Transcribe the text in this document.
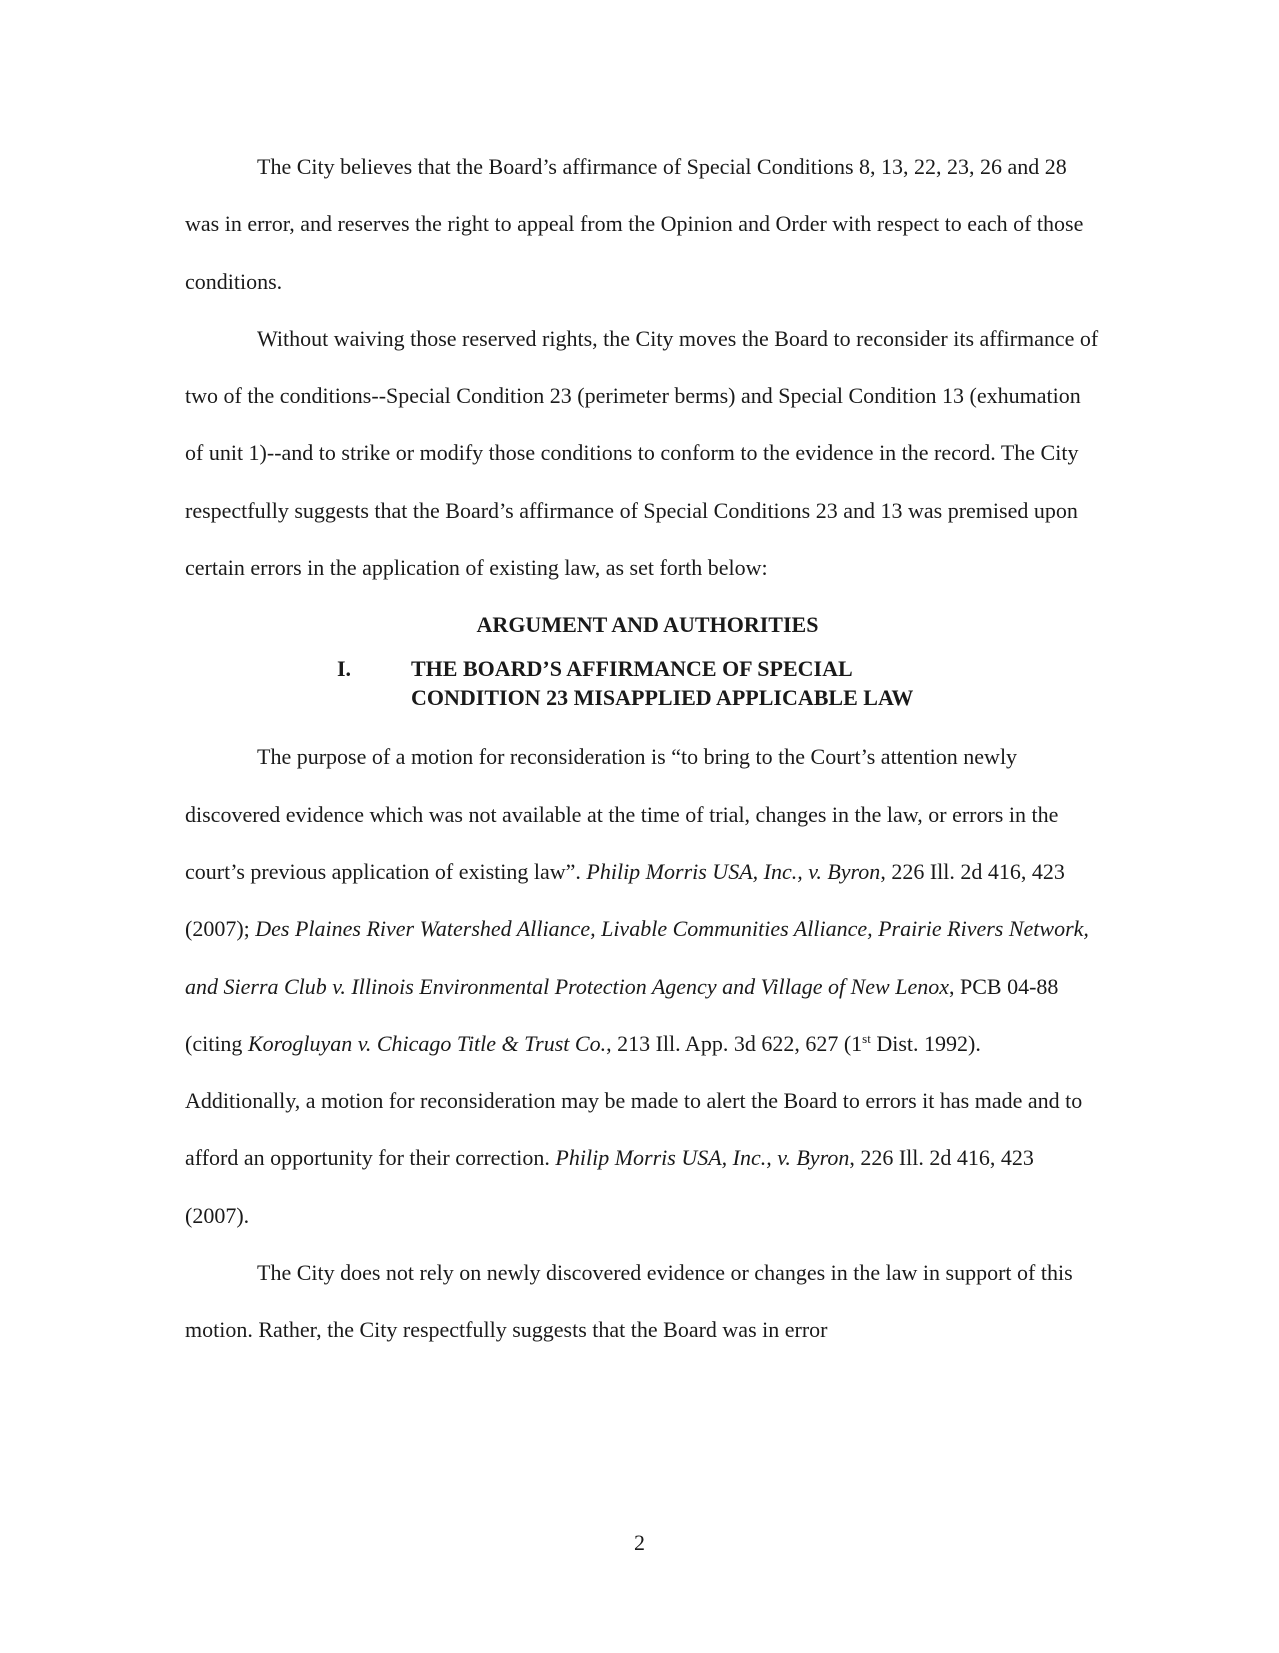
The City believes that the Board’s affirmance of Special Conditions 8, 13, 22, 23, 26 and 28 was in error, and reserves the right to appeal from the Opinion and Order with respect to each of those conditions.

Without waiving those reserved rights, the City moves the Board to reconsider its affirmance of two of the conditions--Special Condition 23 (perimeter berms) and Special Condition 13 (exhumation of unit 1)--and to strike or modify those conditions to conform to the evidence in the record. The City respectfully suggests that the Board’s affirmance of Special Conditions 23 and 13 was premised upon certain errors in the application of existing law, as set forth below:

ARGUMENT AND AUTHORITIES

I.	THE BOARD’S AFFIRMANCE OF SPECIAL
CONDITION 23 MISAPPLIED APPLICABLE LAW

The purpose of a motion for reconsideration is “to bring to the Court’s attention newly discovered evidence which was not available at the time of trial, changes in the law, or errors in the court’s previous application of existing law”. Philip Morris USA, Inc., v. Byron, 226 Ill. 2d 416, 423 (2007); Des Plaines River Watershed Alliance, Livable Communities Alliance, Prairie Rivers Network, and Sierra Club v. Illinois Environmental Protection Agency and Village of New Lenox, PCB 04-88 (citing Korogluyan v. Chicago Title & Trust Co., 213 Ill. App. 3d 622, 627 (1st Dist. 1992). Additionally, a motion for reconsideration may be made to alert the Board to errors it has made and to afford an opportunity for their correction. Philip Morris USA, Inc., v. Byron, 226 Ill. 2d 416, 423 (2007).

The City does not rely on newly discovered evidence or changes in the law in support of this motion. Rather, the City respectfully suggests that the Board was in error

2
